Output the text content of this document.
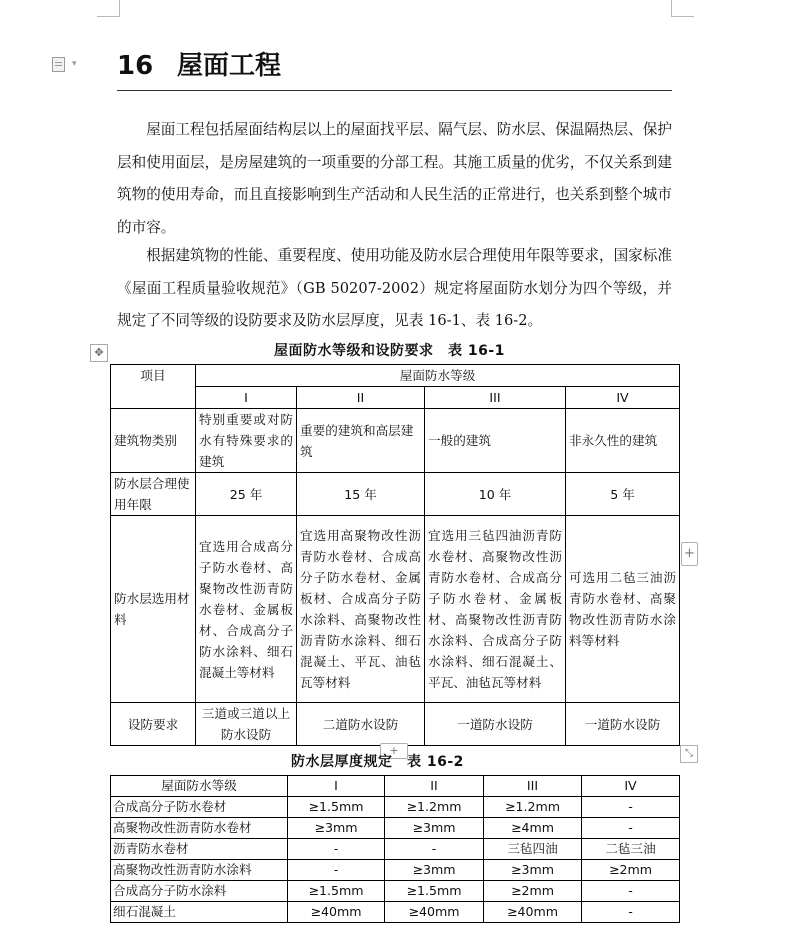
▾ 16 屋面工程

屋面工程包括屋面结构层以上的屋面找平层、隔气层、防水层、保温隔热层、保护层和使用面层，是房屋建筑的一项重要的分部工程。其施工质量的优劣，不仅关系到建筑物的使用寿命，而且直接影响到生产活动和人民生活的正常进行，也关系到整个城市的市容。

根据建筑物的性能、重要程度、使用功能及防水层合理使用年限等要求，国家标准《屋面工程质量验收规范》（GB 50207-2002）规定将屋面防水划分为四个等级，并规定了不同等级的设防要求及防水层厚度，见表 16-1、表 16-2。

屋面防水等级和设防要求　表 16-1
✥
项目	屋面防水等级			
	I	II	III	IV
建筑物类别	特别重要或对防水有特殊要求的建筑	重要的建筑和高层建筑	一般的建筑	非永久性的建筑
防水层合理使用年限	25 年	15 年	10 年	5 年
防水层选用材料	宜选用合成高分子防水卷材、高聚物改性沥青防水卷材、金属板材、合成高分子防水涂料、细石混凝土等材料	宜选用高聚物改性沥青防水卷材、合成高分子防水卷材、金属板材、合成高分子防水涂料、高聚物改性沥青防水涂料、细石混凝土、平瓦、油毡瓦等材料	宜选用三毡四油沥青防水卷材、高聚物改性沥青防水卷材、合成高分子防水卷材、金属板材、高聚物改性沥青防水涂料、合成高分子防水涂料、细石混凝土、平瓦、油毡瓦等材料	可选用二毡三油沥青防水卷材、高聚物改性沥青防水涂料等材料
设防要求	三道或三道以上防水设防	二道防水设防	一道防水设防	一道防水设防
+
+	⤡
防水层厚度规定　表 16-2
屋面防水等级	I	II	III	IV
合成高分子防水卷材	≥1.5mm	≥1.2mm	≥1.2mm	-
高聚物改性沥青防水卷材	≥3mm	≥3mm	≥4mm	-
沥青防水卷材	-	-	三毡四油	二毡三油
高聚物改性沥青防水涂料	-	≥3mm	≥3mm	≥2mm
合成高分子防水涂料	≥1.5mm	≥1.5mm	≥2mm	-
细石混凝土	≥40mm	≥40mm	≥40mm	-
